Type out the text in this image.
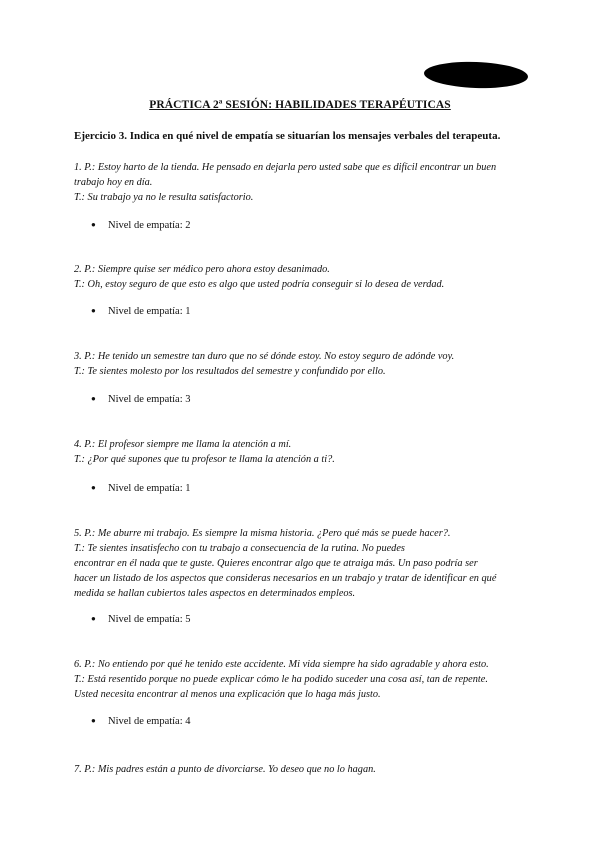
PRÁCTICA 2ª SESIÓN: HABILIDADES TERAPÉUTICAS
Ejercicio 3. Indica en qué nivel de empatía se situarían los mensajes verbales del terapeuta.
1. P.: Estoy harto de la tienda. He pensado en dejarla pero usted sabe que es difícil encontrar un buen
trabajo hoy en día.
T.: Su trabajo ya no le resulta satisfactorio.
● Nivel de empatía: 2
2. P.: Siempre quise ser médico pero ahora estoy desanimado.
T.: Oh, estoy seguro de que esto es algo que usted podría conseguir si lo desea de verdad.
● Nivel de empatía: 1
3. P.: He tenido un semestre tan duro que no sé dónde estoy. No estoy seguro de adónde voy.
T.: Te sientes molesto por los resultados del semestre y confundido por ello.
● Nivel de empatía: 3
4. P.: El profesor siempre me llama la atención a mí.
T.: ¿Por qué supones que tu profesor te llama la atención a ti?.
● Nivel de empatía: 1
5. P.: Me aburre mi trabajo. Es siempre la misma historia. ¿Pero qué más se puede hacer?.
T.: Te sientes insatisfecho con tu trabajo a consecuencia de la rutina. No puedes
encontrar en él nada que te guste. Quieres encontrar algo que te atraiga más. Un paso podría ser
hacer un listado de los aspectos que consideras necesarios en un trabajo y tratar de identificar en qué
medida se hallan cubiertos tales aspectos en determinados empleos.
● Nivel de empatía: 5
6. P.: No entiendo por qué he tenido este accidente. Mi vida siempre ha sido agradable y ahora esto.
T.: Está resentido porque no puede explicar cómo le ha podido suceder una cosa así, tan de repente.
Usted necesita encontrar al menos una explicación que lo haga más justo.
● Nivel de empatía: 4
7. P.: Mis padres están a punto de divorciarse. Yo deseo que no lo hagan.
